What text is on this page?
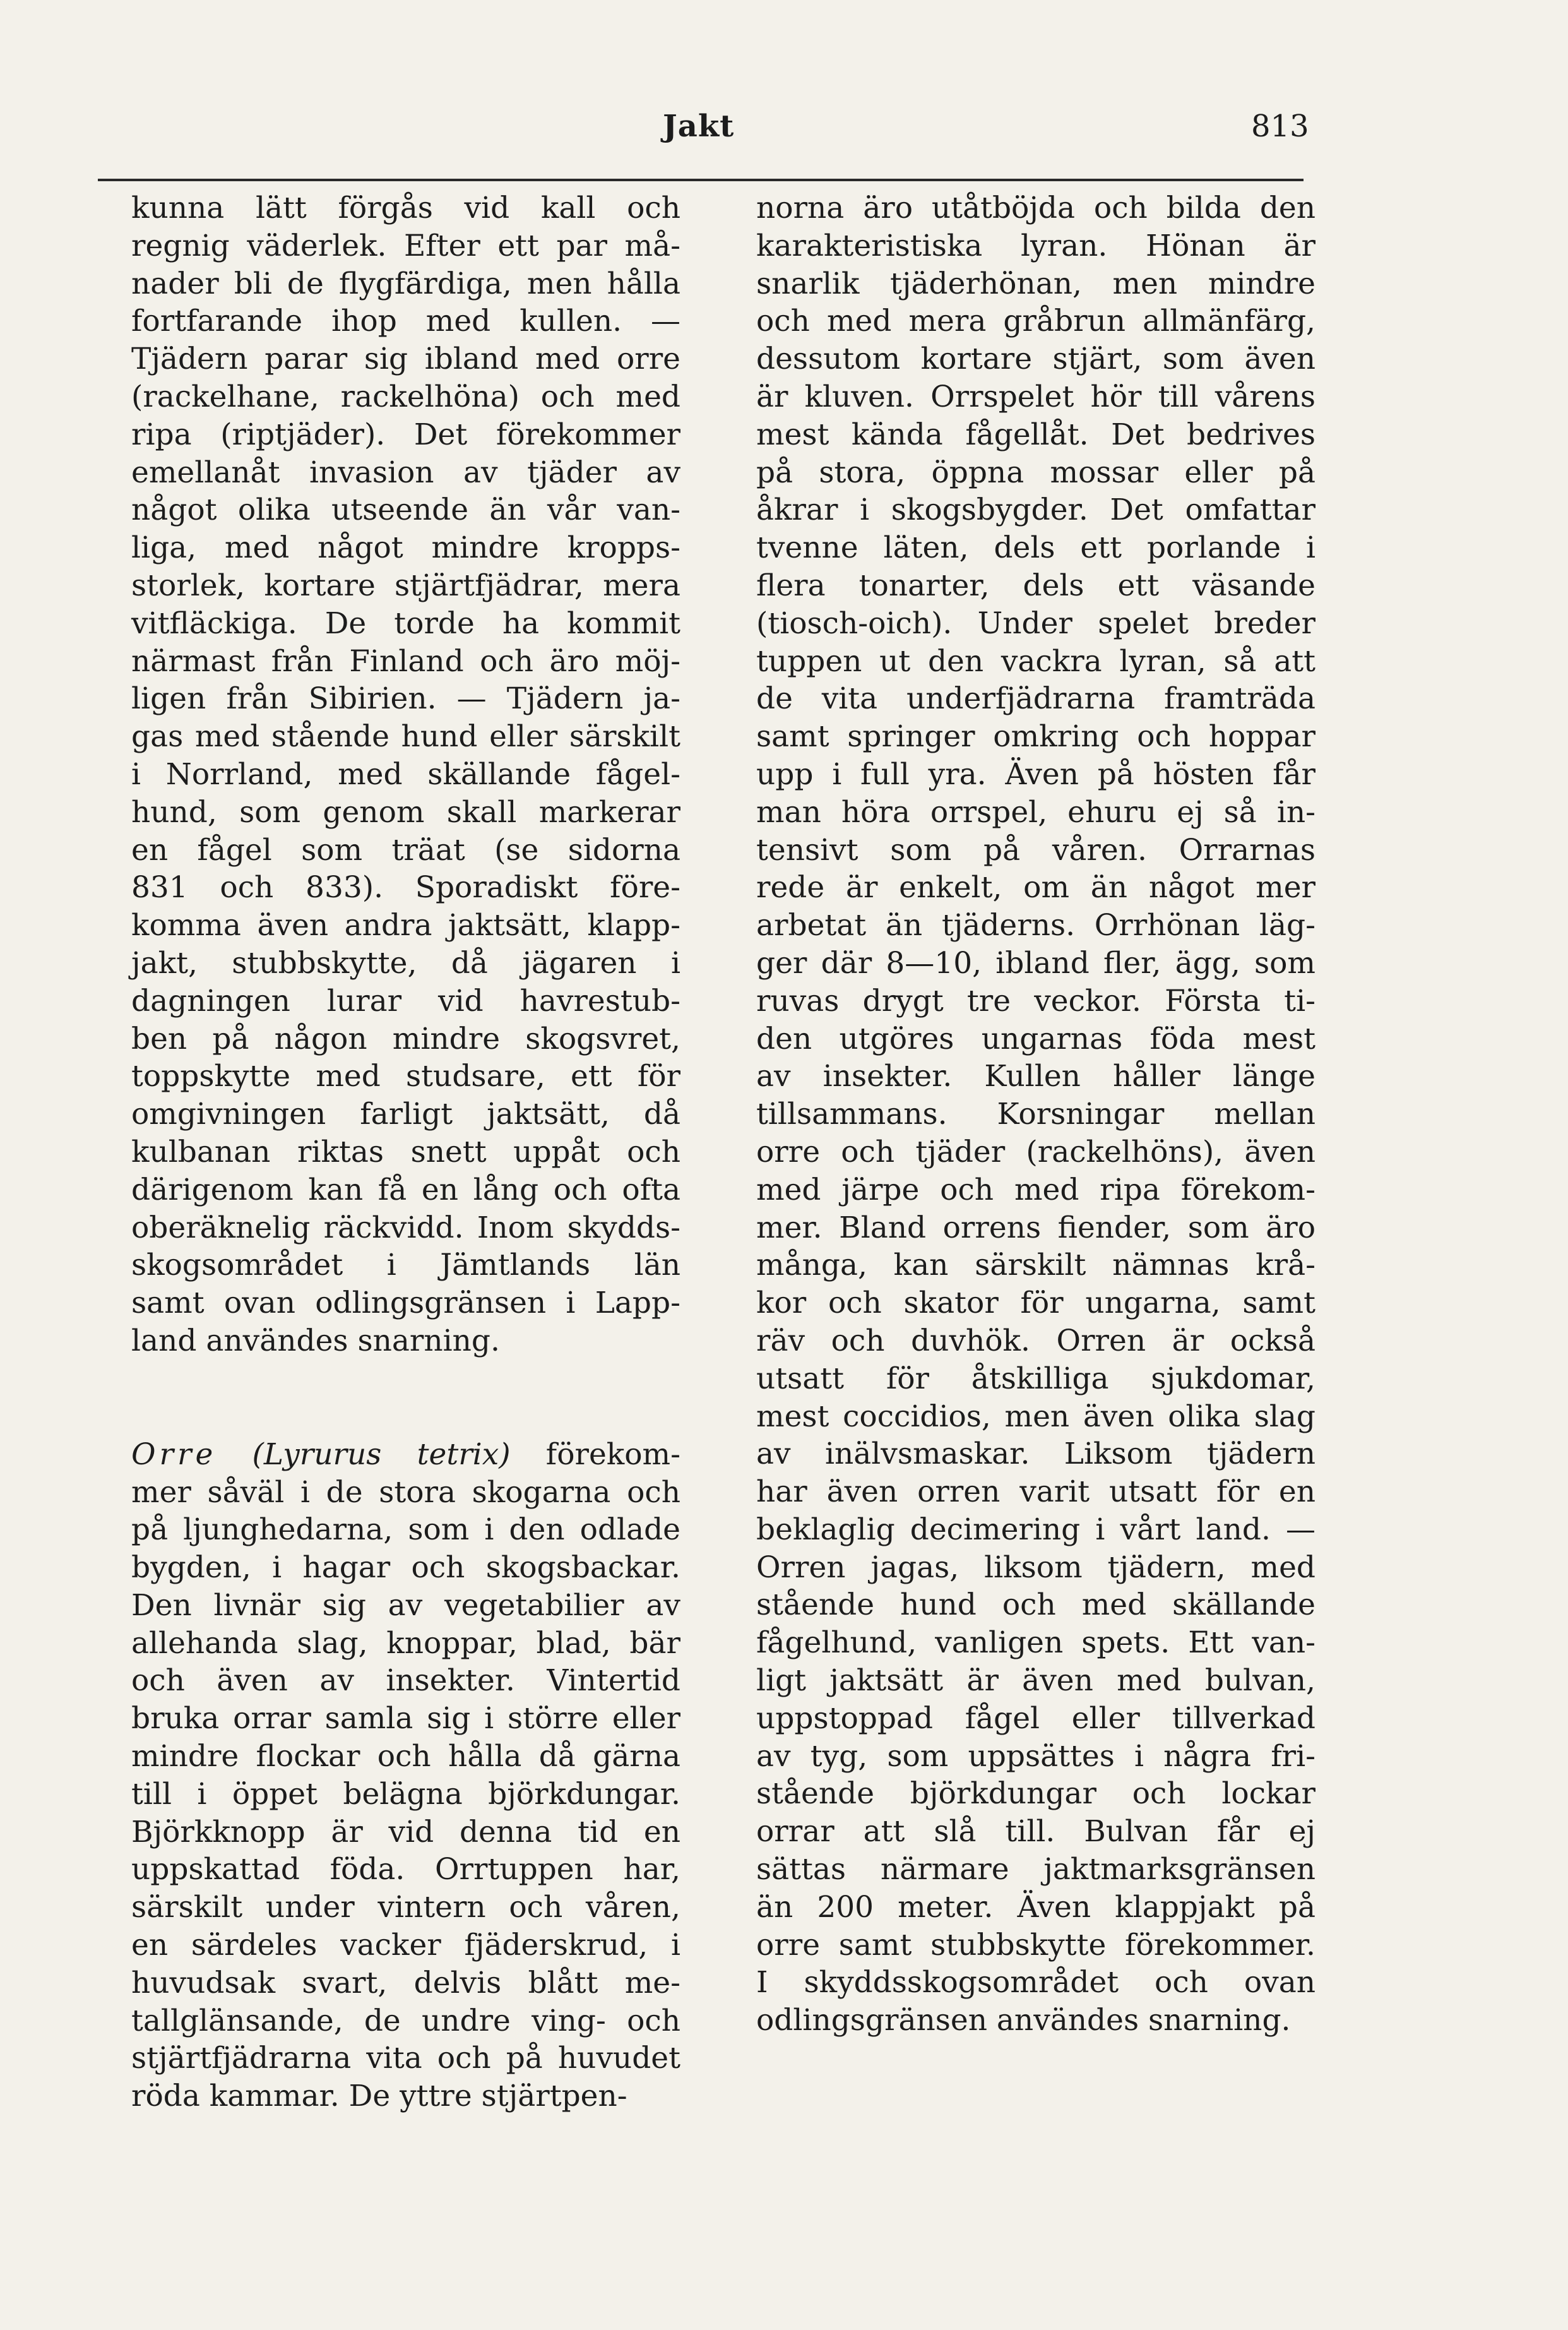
Jakt	813
kunna lätt förgås vid kall och
regnig väderlek. Efter ett par må-
nader bli de flygfärdiga, men hålla
fortfarande ihop med kullen. —
Tjädern parar sig ibland med orre
(rackelhane, rackelhöna) och med
ripa (riptjäder). Det förekommer
emellanåt invasion av tjäder av
något olika utseende än vår van-
liga, med något mindre kropps-
storlek, kortare stjärtfjädrar, mera
vitfläckiga. De torde ha kommit
närmast från Finland och äro möj-
ligen från Sibirien. — Tjädern ja-
gas med stående hund eller särskilt
i Norrland, med skällande fågel-
hund, som genom skall markerar
en fågel som träat (se sidorna
831 och 833). Sporadiskt före-
komma även andra jaktsätt, klapp-
jakt, stubbskytte, då jägaren i
dagningen lurar vid havrestub-
ben på någon mindre skogsvret,
toppskytte med studsare, ett för
omgivningen farligt jaktsätt, då
kulbanan riktas snett uppåt och
därigenom kan få en lång och ofta
oberäknelig räckvidd. Inom skydds-
skogsområdet i Jämtlands län
samt ovan odlingsgränsen i Lapp-
land användes snarning.
Orre (Lyrurus tetrix) förekom-
mer såväl i de stora skogarna och
på ljunghedarna, som i den odlade
bygden, i hagar och skogsbackar.
Den livnär sig av vegetabilier av
allehanda slag, knoppar, blad, bär
och även av insekter. Vintertid
bruka orrar samla sig i större eller
mindre flockar och hålla då gärna
till i öppet belägna björkdungar.
Björkknopp är vid denna tid en
uppskattad föda. Orrtuppen har,
särskilt under vintern och våren,
en särdeles vacker fjäderskrud, i
huvudsak svart, delvis blått me-
tallglänsande, de undre ving- och
stjärtfjädrarna vita och på huvudet
röda kammar. De yttre stjärtpen-
norna äro utåtböjda och bilda den
karakteristiska lyran. Hönan är
snarlik tjäderhönan, men mindre
och med mera gråbrun allmänfärg,
dessutom kortare stjärt, som även
är kluven. Orrspelet hör till vårens
mest kända fågellåt. Det bedrives
på stora, öppna mossar eller på
åkrar i skogsbygder. Det omfattar
tvenne läten, dels ett porlande i
flera tonarter, dels ett väsande
(tiosch-oich). Under spelet breder
tuppen ut den vackra lyran, så att
de vita underfjädrarna framträda
samt springer omkring och hoppar
upp i full yra. Även på hösten får
man höra orrspel, ehuru ej så in-
tensivt som på våren. Orrarnas
rede är enkelt, om än något mer
arbetat än tjäderns. Orrhönan läg-
ger där 8—10, ibland fler, ägg, som
ruvas drygt tre veckor. Första ti-
den utgöres ungarnas föda mest
av insekter. Kullen håller länge
tillsammans. Korsningar mellan
orre och tjäder (rackelhöns), även
med järpe och med ripa förekom-
mer. Bland orrens fiender, som äro
många, kan särskilt nämnas krå-
kor och skator för ungarna, samt
räv och duvhök. Orren är också
utsatt för åtskilliga sjukdomar,
mest coccidios, men även olika slag
av inälvsmaskar. Liksom tjädern
har även orren varit utsatt för en
beklaglig decimering i vårt land. —
Orren jagas, liksom tjädern, med
stående hund och med skällande
fågelhund, vanligen spets. Ett van-
ligt jaktsätt är även med bulvan,
uppstoppad fågel eller tillverkad
av tyg, som uppsättes i några fri-
stående björkdungar och lockar
orrar att slå till. Bulvan får ej
sättas närmare jaktmarksgränsen
än 200 meter. Även klappjakt på
orre samt stubbskytte förekommer.
I skyddsskogsområdet och ovan
odlingsgränsen användes snarning.
